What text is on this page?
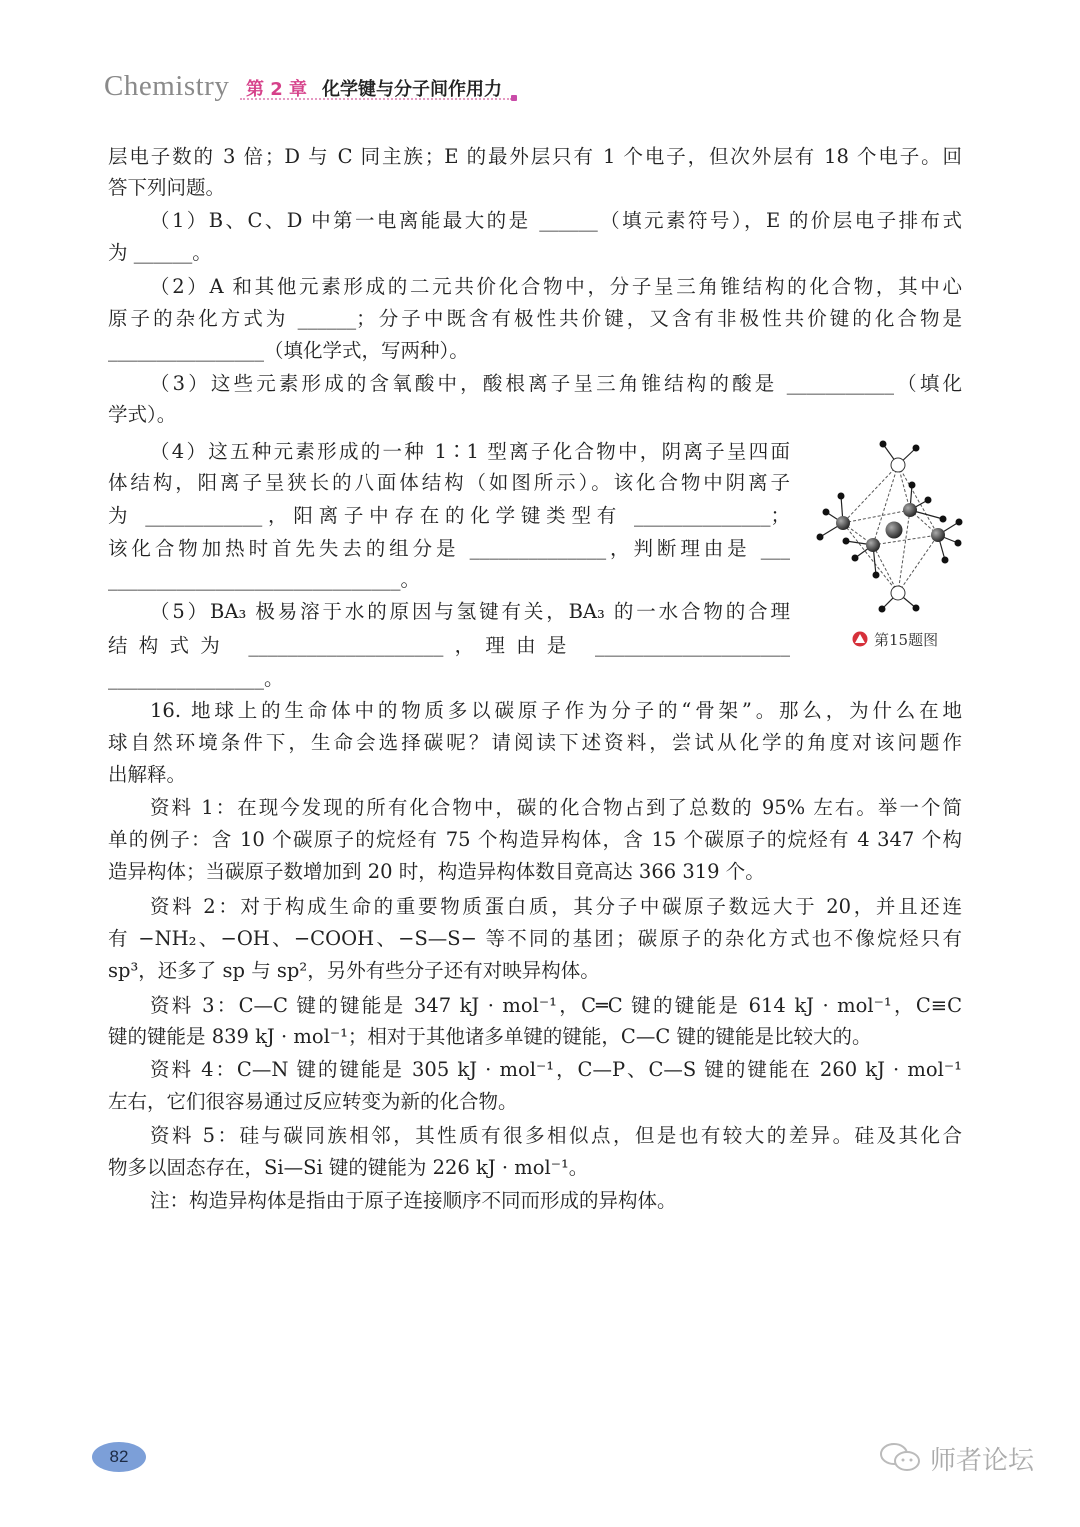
Chemistry 第 2 章 化学键与分子间作用力
层电子数的 3 倍；D 与 C 同主族；E 的最外层只有 1 个电子，但次外层有 18 个电子。回
答下列问题。
（1）B、C、D 中第一电离能最大的是 ______（填元素符号），E 的价层电子排布式
为 ______。
（2）A 和其他元素形成的二元共价化合物中，分子呈三角锥结构的化合物，其中心
原子的杂化方式为 ______；分子中既含有极性共价键，又含有非极性共价键的化合物是
________________（填化学式，写两种）。
（3）这些元素形成的含氧酸中，酸根离子呈三角锥结构的酸是 ___________（填化
学式）。
（4）这五种元素形成的一种 1∶1 型离子化合物中，阴离子呈四面
体结构，阳离子呈狭长的八面体结构（如图所示）。该化合物中阴离子
为 ____________，阳离子中存在的化学键类型有 ______________；
该化合物加热时首先失去的组分是 ______________，判断理由是 ___
______________________________。
（5）BA₃ 极易溶于水的原因与氢键有关，BA₃ 的一水合物的合理
结构式为 ____________________，理由是 ____________________
________________。
16. 地球上的生命体中的物质多以碳原子作为分子的“骨架”。那么，为什么在地
球自然环境条件下，生命会选择碳呢？请阅读下述资料，尝试从化学的角度对该问题作
出解释。
资料 1：在现今发现的所有化合物中，碳的化合物占到了总数的 95% 左右。举一个简
单的例子：含 10 个碳原子的烷烃有 75 个构造异构体，含 15 个碳原子的烷烃有 4 347 个构
造异构体；当碳原子数增加到 20 时，构造异构体数目竟高达 366 319 个。
资料 2：对于构成生命的重要物质蛋白质，其分子中碳原子数远大于 20，并且还连
有 −NH₂、−OH、−COOH、−S—S− 等不同的基团；碳原子的杂化方式也不像烷烃只有
sp³，还多了 sp 与 sp²，另外有些分子还有对映异构体。
资料 3：C—C 键的键能是 347 kJ · mol⁻¹，C═C 键的键能是 614 kJ · mol⁻¹，C≡C
键的键能是 839 kJ · mol⁻¹；相对于其他诸多单键的键能，C—C 键的键能是比较大的。
资料 4：C—N 键的键能是 305 kJ · mol⁻¹，C—P、C—S 键的键能在 260 kJ · mol⁻¹
左右，它们很容易通过反应转变为新的化合物。
资料 5：硅与碳同族相邻，其性质有很多相似点，但是也有较大的差异。硅及其化合
物多以固态存在，Si—Si 键的键能为 226 kJ · mol⁻¹。
注：构造异构体是指由于原子连接顺序不同而形成的异构体。
第15题图
82	师者论坛
